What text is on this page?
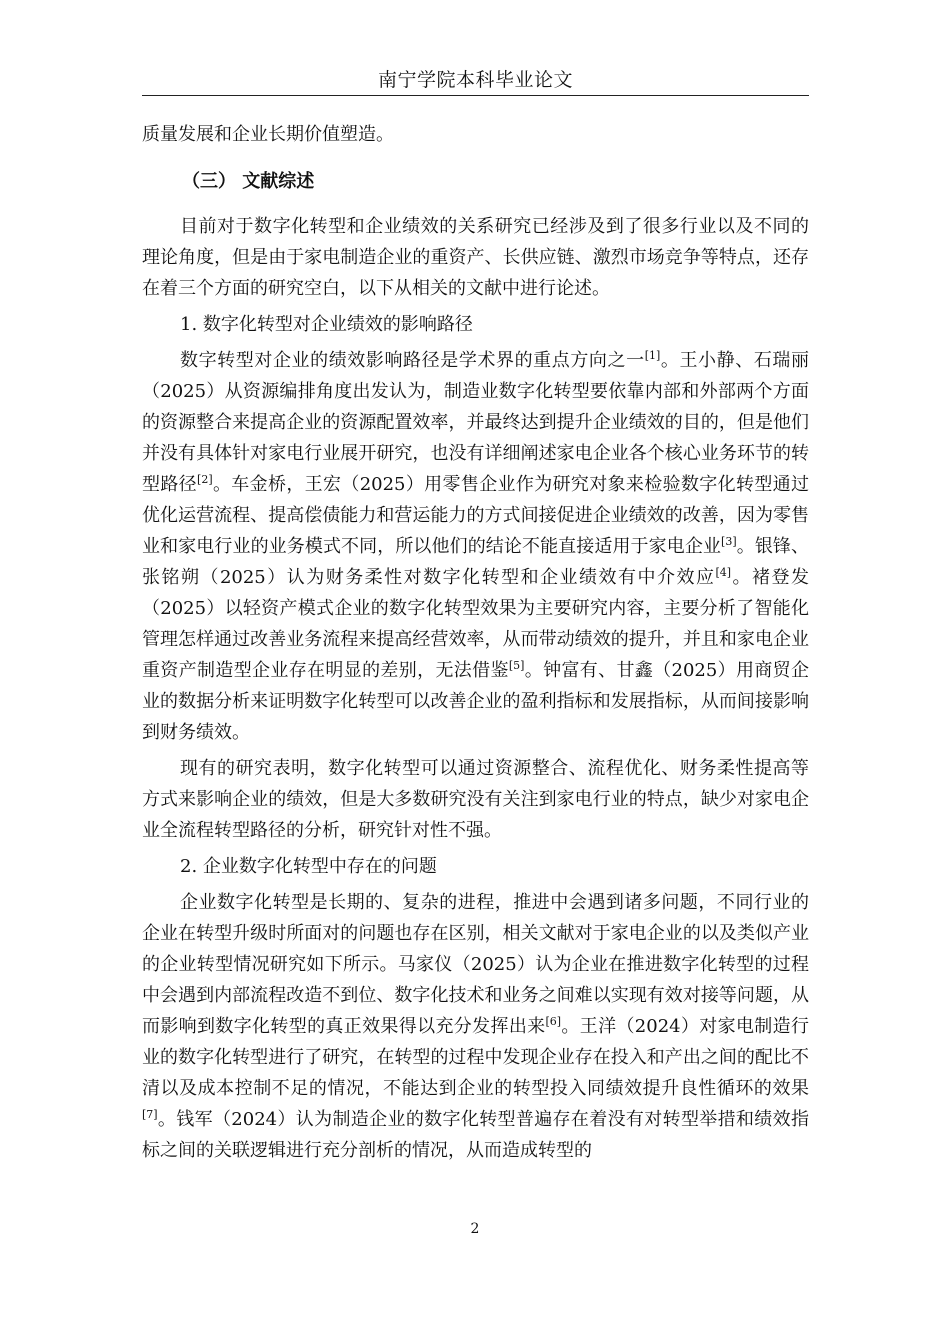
南宁学院本科毕业论文

质量发展和企业长期价值塑造。

（三） 文献综述

目前对于数字化转型和企业绩效的关系研究已经涉及到了很多行业以及不同的理论角度，但是由于家电制造企业的重资产、长供应链、激烈市场竞争等特点，还存在着三个方面的研究空白，以下从相关的文献中进行论述。

1. 数字化转型对企业绩效的影响路径

数字转型对企业的绩效影响路径是学术界的重点方向之一[1]。王小静、石瑞丽（2025）从资源编排角度出发认为，制造业数字化转型要依靠内部和外部两个方面的资源整合来提高企业的资源配置效率，并最终达到提升企业绩效的目的，但是他们并没有具体针对家电行业展开研究，也没有详细阐述家电企业各个核心业务环节的转型路径[2]。车金桥，王宏（2025）用零售企业作为研究对象来检验数字化转型通过优化运营流程、提高偿债能力和营运能力的方式间接促进企业绩效的改善，因为零售业和家电行业的业务模式不同，所以他们的结论不能直接适用于家电企业[3]。银锋、张铭朔（2025）认为财务柔性对数字化转型和企业绩效有中介效应[4]。褚登发（2025）以轻资产模式企业的数字化转型效果为主要研究内容，主要分析了智能化管理怎样通过改善业务流程来提高经营效率，从而带动绩效的提升，并且和家电企业重资产制造型企业存在明显的差别，无法借鉴[5]。钟富有、甘鑫（2025）用商贸企业的数据分析来证明数字化转型可以改善企业的盈利指标和发展指标，从而间接影响到财务绩效。

现有的研究表明，数字化转型可以通过资源整合、流程优化、财务柔性提高等方式来影响企业的绩效，但是大多数研究没有关注到家电行业的特点，缺少对家电企业全流程转型路径的分析，研究针对性不强。

2. 企业数字化转型中存在的问题

企业数字化转型是长期的、复杂的进程，推进中会遇到诸多问题，不同行业的企业在转型升级时所面对的问题也存在区别，相关文献对于家电企业的以及类似产业的企业转型情况研究如下所示。马家仪（2025）认为企业在推进数字化转型的过程中会遇到内部流程改造不到位、数字化技术和业务之间难以实现有效对接等问题，从而影响到数字化转型的真正效果得以充分发挥出来[6]。王洋（2024）对家电制造行业的数字化转型进行了研究，在转型的过程中发现企业存在投入和产出之间的配比不清以及成本控制不足的情况，不能达到企业的转型投入同绩效提升良性循环的效果[7]。钱军（2024）认为制造企业的数字化转型普遍存在着没有对转型举措和绩效指标之间的关联逻辑进行充分剖析的情况，从而造成转型的

2
